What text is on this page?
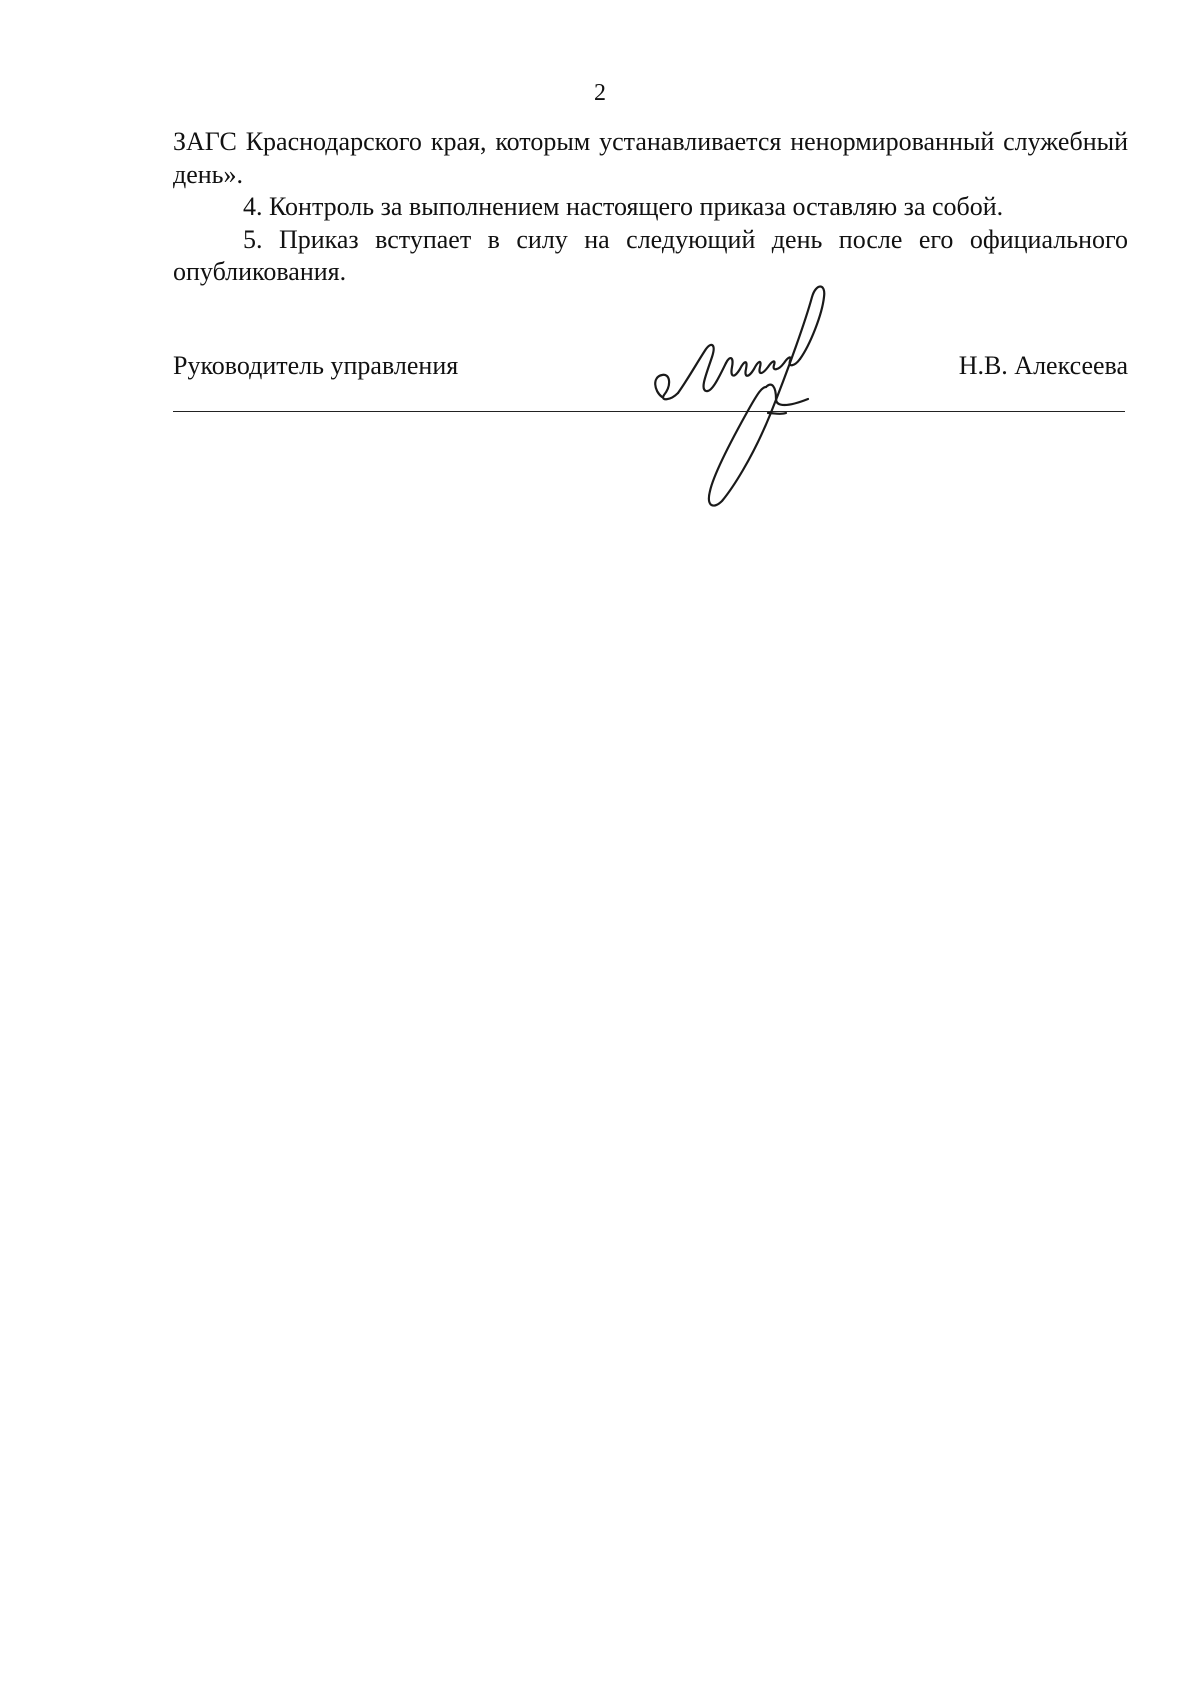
2

ЗАГС Краснодарского края, которым устанавливается ненормированный служебный день».

4. Контроль за выполнением настоящего приказа оставляю за собой.

5. Приказ вступает в силу на следующий день после его официального опубликования.

Руководитель управления	Н.В. Алексеева
